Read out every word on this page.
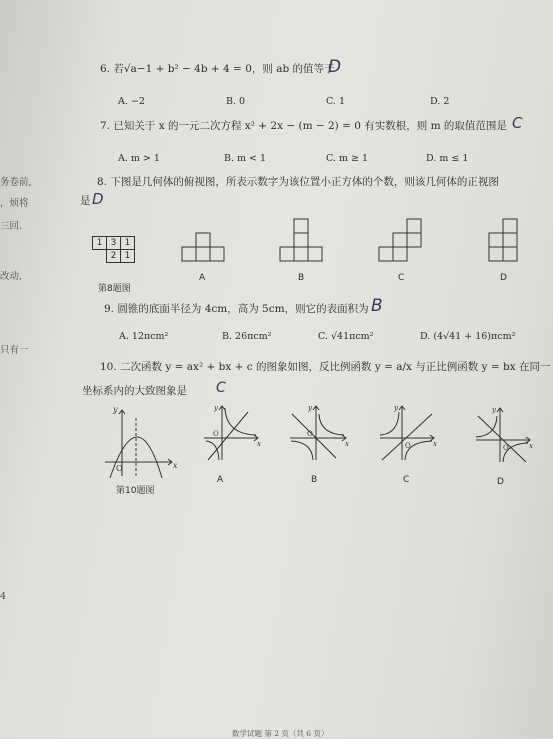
务卷前,
，烦将
三回.
改动,
只有一
4
6. 若√a−1 + b² − 4b + 4 = 0，则 ab 的值等于
D
A. −2	B. 0	C. 1	D. 2
7. 已知关于 x 的一元二次方程 x² + 2x − (m − 2) = 0 有实数根，则 m 的取值范围是 C
A. m > 1	B. m < 1	C. m ≥ 1	D. m ≤ 1
8. 下图是几何体的俯视图，所表示数字为该位置小正方体的个数，则该几何体的正视图
是 D
1	3	1
	2	1
第8题图
A	B	C	D
9. 圆锥的底面半径为 4cm，高为 5cm，则它的表面积为 B
A. 12πcm²	B. 26πcm²	C. √41πcm²	D. (4√41 + 16)πcm²
10. 二次函数 y = ax² + bx + c 的图象如图，反比例函数 y = a/x 与正比例函数 y = bx 在同一
坐标系内的大致图象是 C
y
x
O
第10题图
y
x
O
A
y
x
O
B
y
x
O
C
y
x
O
D
数学试题 第 2 页（共 6 页）
